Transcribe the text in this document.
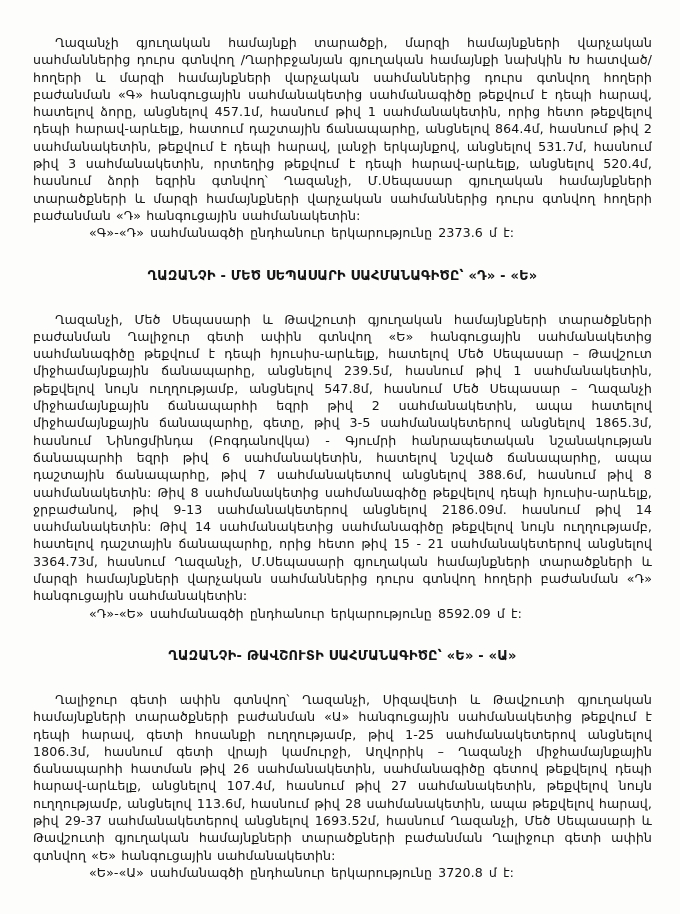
Ղազանչի գյուղական համայնքի տարածքի, մարզի համայնքների վարչական սահմաններից դուրս գտնվող /Ղարիբջանյան գյուղական համայնքի նախկին Խ հատված/ հողերի և մարզի համայնքների վարչական սահմաններից դուրս գտնվող հողերի բաժանման «Գ» հանգուցային սահմանակետից սահմանագիծը թեքվում է դեպի հարավ, հատելով ձորը, անցնելով 457.1մ, հասնում թիվ 1 սահմանակետին, որից հետո թեքվելով դեպի հարավ-արևելք, հատում դաշտային ճանապարհը, անցնելով 864.4մ, հասնում թիվ 2 սահմանակետին, թեքվում է դեպի հարավ, լանջի երկայնքով, անցնելով 531.7մ, հասնում թիվ 3 սահմանակետին, որտեղից թեքվում է դեպի հարավ-արևելք, անցնելով 520.4մ, հասնում ձորի եզրին գտնվող՝ Ղազանչի, Մ.Սեպասար գյուղական համայնքների տարածքների և մարզի համայնքների վարչական սահմաններից դուրս գտնվող հողերի բաժանման «Դ» հանգուցային սահմանակետին:

«Գ»-«Դ» սահմանագծի ընդհանուր երկարությունը 2373.6 մ է:

ՂԱԶԱՆՉԻ - ՄԵԾ ՍԵՊԱՍԱՐԻ ՍԱՀՄԱՆԱԳԻԾԸ՝ «Դ» - «Ե»

Ղազանչի, Մեծ Սեպասարի և Թավշուտի գյուղական համայնքների տարածքների բաժանման Ղալիջուր գետի ափին գտնվող «Ե» հանգուցային սահմանակետից սահմանագիծը թեքվում է դեպի հյուսիս-արևելք, հատելով Մեծ Սեպասար – Թավշուտ միջհամայնքային ճանապարհը, անցնելով 239.5մ, հասնում թիվ 1 սահմանակետին, թեքվելով նույն ուղղությամբ, անցնելով 547.8մ, հասնում Մեծ Սեպասար – Ղազանչի միջհամայնքային ճանապարհի եզրի թիվ 2 սահմանակետին, ապա հատելով միջհամայնքային ճանապարհը, գետը, թիվ 3-5 սահմանակետերով անցնելով 1865.3մ, հասնում Նինոցմինդա (Բոգդանովկա) - Գյումրի հանրապետական նշանակության ճանապարհի եզրի թիվ 6 սահմանակետին, հատելով նշված ճանապարհը, ապա դաշտային ճանապարհը, թիվ 7 սահմանակետով անցնելով 388.6մ, հասնում թիվ 8 սահմանակետին: Թիվ 8 սահմանակետից սահմանագիծը թեքվելով դեպի հյուսիս-արևելք, ջրբաժանով, թիվ 9-13 սահմանակետերով անցնելով 2186.09մ. հասնում թիվ 14 սահմանակետին: Թիվ 14 սահմանակետից սահմանագիծը թեքվելով նույն ուղղությամբ, հատելով դաշտային ճանապարհը, որից հետո թիվ 15 - 21 սահմանակետերով անցնելով 3364.73մ, հասնում Ղազանչի, Մ.Սեպասարի գյուղական համայնքների տարածքների և մարզի համայնքների վարչական սահմաններից դուրս գտնվող հողերի բաժանման «Դ» հանգուցային սահմանակետին:

«Դ»-«Ե» սահմանագծի ընդհանուր երկարությունը 8592.09 մ է:

ՂԱԶԱՆՉԻ- ԹԱՎՇՈՒՏԻ ՍԱՀՄԱՆԱԳԻԾԸ՝ «Ե» - «Ա»

Ղալիջուր գետի ափին գտնվող՝ Ղազանչի, Սիզավետի և Թավշուտի գյուղական համայնքների տարածքների բաժանման «Ա» հանգուցային սահմանակետից թեքվում է դեպի հարավ, գետի հոսանքի ուղղությամբ, թիվ 1-25 սահմանակետերով անցնելով 1806.3մ, հասնում գետի վրայի կամուրջի, Աղվորիկ – Ղազանչի միջհամայնքային ճանապարհի հատման թիվ 26 սահմանակետին, սահմանագիծը գետով թեքվելով դեպի հարավ-արևելք, անցնելով 107.4մ, հասնում թիվ 27 սահմանակետին, թեքվելով նույն ուղղությամբ, անցնելով 113.6մ, հասնում թիվ 28 սահմանակետին, ապա թեքվելով հարավ, թիվ 29-37 սահմանակետերով անցնելով 1693.52մ, հասնում Ղազանչի, Մեծ Սեպասարի և Թավշուտի գյուղական համայնքների տարածքների բաժանման Ղալիջուր գետի ափին գտնվող «Ե» հանգուցային սահմանակետին:

«Ե»-«Ա» սահմանագծի ընդհանուր երկարությունը 3720.8 մ է:
